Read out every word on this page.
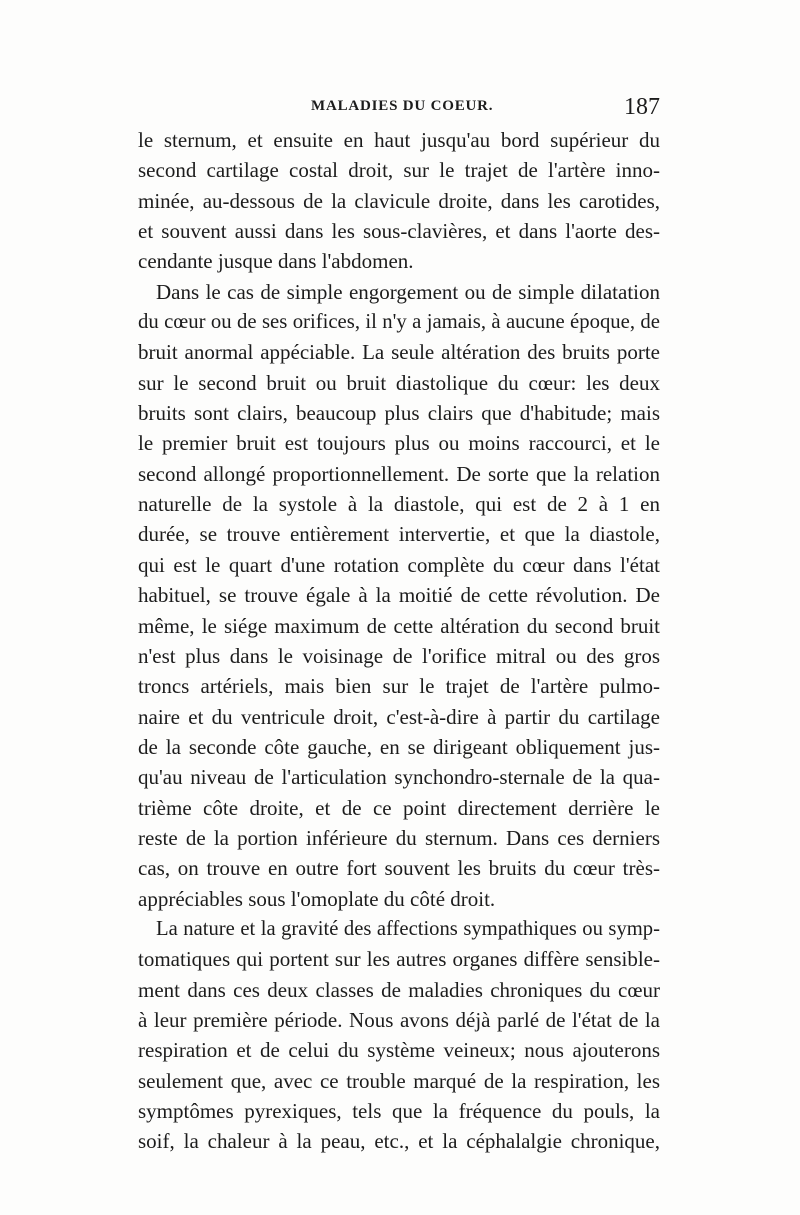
MALADIES DU COEUR.	187
le sternum, et ensuite en haut jusqu'au bord supérieur du
second cartilage costal droit, sur le trajet de l'artère inno-
minée, au-dessous de la clavicule droite, dans les carotides,
et souvent aussi dans les sous-clavières, et dans l'aorte des-
cendante jusque dans l'abdomen.
Dans le cas de simple engorgement ou de simple dilatation
du cœur ou de ses orifices, il n'y a jamais, à aucune époque, de
bruit anormal appéciable. La seule altération des bruits porte
sur le second bruit ou bruit diastolique du cœur: les deux
bruits sont clairs, beaucoup plus clairs que d'habitude; mais
le premier bruit est toujours plus ou moins raccourci, et le
second allongé proportionnellement. De sorte que la relation
naturelle de la systole à la diastole, qui est de 2 à 1 en
durée, se trouve entièrement intervertie, et que la diastole,
qui est le quart d'une rotation complète du cœur dans l'état
habituel, se trouve égale à la moitié de cette révolution. De
même, le siége maximum de cette altération du second bruit
n'est plus dans le voisinage de l'orifice mitral ou des gros
troncs artériels, mais bien sur le trajet de l'artère pulmo-
naire et du ventricule droit, c'est-à-dire à partir du cartilage
de la seconde côte gauche, en se dirigeant obliquement jus-
qu'au niveau de l'articulation synchondro-sternale de la qua-
trième côte droite, et de ce point directement derrière le
reste de la portion inférieure du sternum. Dans ces derniers
cas, on trouve en outre fort souvent les bruits du cœur très-
appréciables sous l'omoplate du côté droit.
La nature et la gravité des affections sympathiques ou symp-
tomatiques qui portent sur les autres organes diffère sensible-
ment dans ces deux classes de maladies chroniques du cœur
à leur première période. Nous avons déjà parlé de l'état de la
respiration et de celui du système veineux; nous ajouterons
seulement que, avec ce trouble marqué de la respiration, les
symptômes pyrexiques, tels que la fréquence du pouls, la
soif, la chaleur à la peau, etc., et la céphalalgie chronique,
